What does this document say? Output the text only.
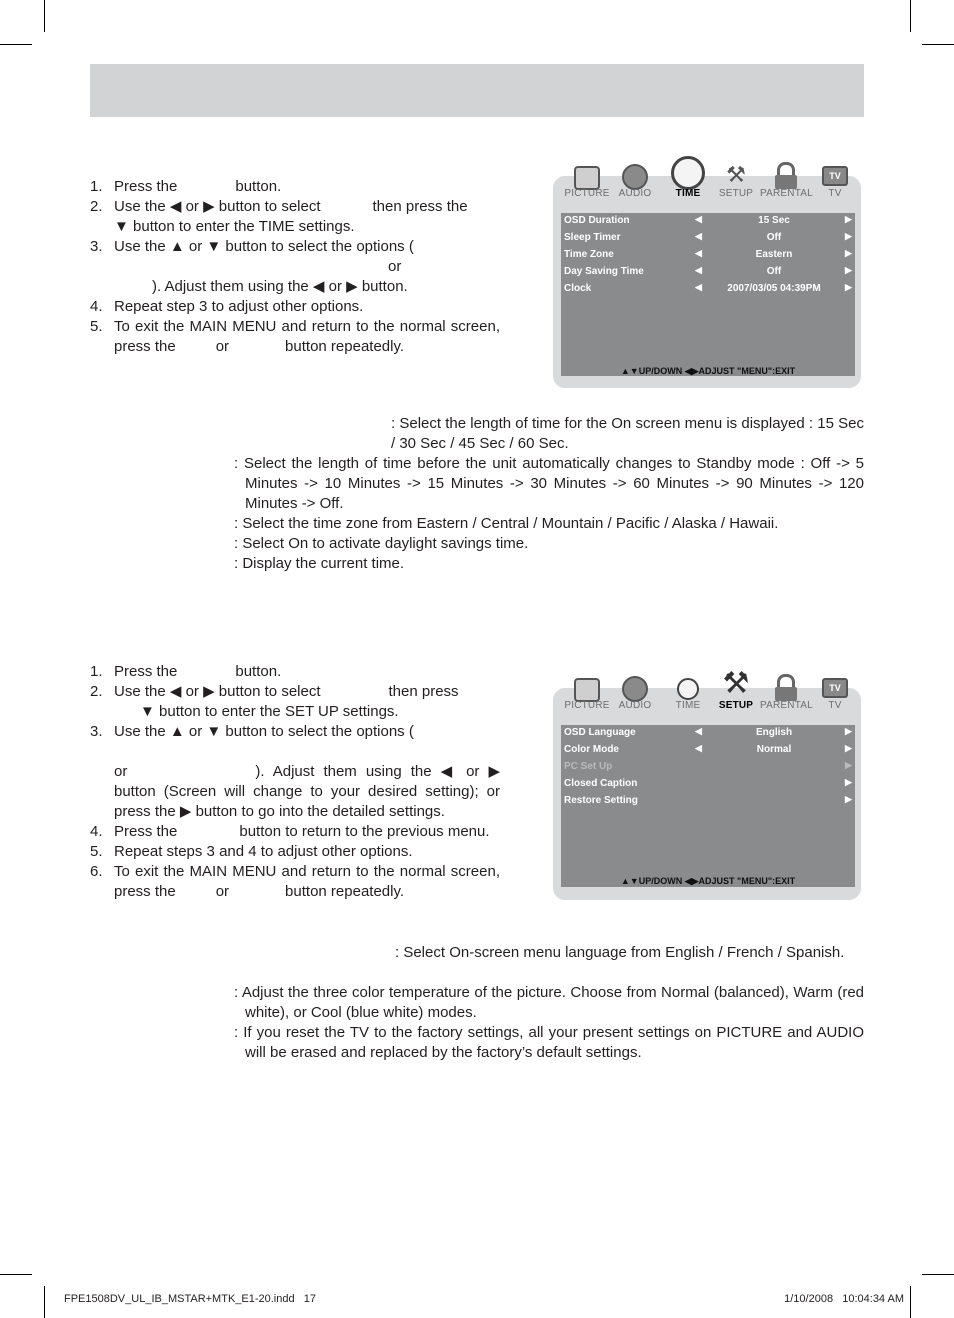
1. Press the	button.
2. Use the ◀ or ▶ button to select	then press the
▼ button to enter the TIME settings.
3. Use the ▲ or ▼ button to select the options (
or
). Adjust them using the ◀ or ▶ button.
4. Repeat step 3 to adjust other options.
5. To exit the MAIN MENU and return to the normal screen, press the	or	button repeatedly.
PICTURE AUDIO	TIME
⚒
SETUP PARENTAL
TV
TV
OSD Duration	◀	15 Sec	▶
Sleep Timer	◀	Off	▶
Time Zone	◀	Eastern	▶
Day Saving Time	◀	Off	▶
Clock	◀	2007/03/05 04:39PM	▶
▲▼UP/DOWN ◀▶ADJUST "MENU":EXIT
: Select the length of time for the On screen menu is displayed : 15 Sec / 30 Sec / 45 Sec / 60 Sec.
: Select the length of time before the unit automatically changes to Standby mode : Off -> 5 Minutes -> 10 Minutes -> 15 Minutes -> 30 Minutes -> 60 Minutes -> 90 Minutes -> 120 Minutes -> Off.
: Select the time zone from Eastern / Central / Mountain / Pacific / Alaska / Hawaii.
: Select On to activate daylight savings time.
: Display the current time.
1. Press the	button.
2. Use the ◀ or ▶ button to select	then press
▼ button to enter the SET UP settings.
3. Use the ▲ or ▼ button to select the options (

or	). Adjust them using the ◀ or ▶ button (Screen will change to your desired setting); or press the ▶ button to go into the detailed settings.
4. Press the	button to return to the previous menu.
5. Repeat steps 3 and 4 to adjust other options.
6. To exit the MAIN MENU and return to the normal screen, press the	or	button repeatedly.
PICTURE AUDIO	TIME
⚒
SETUP PARENTAL
TV
TV
OSD Language	◀	English	▶
Color Mode	◀	Normal	▶
PC Set Up	▶
Closed Caption	▶
Restore Setting	▶
▲▼UP/DOWN ◀▶ADJUST "MENU":EXIT
: Select On-screen menu language from English / French / Spanish.
: Adjust the three color temperature of the picture. Choose from Normal (balanced), Warm (red white), or Cool (blue white) modes.
: If you reset the TV to the factory settings, all your present settings on PICTURE and AUDIO will be erased and replaced by the factory’s default settings.
FPE1508DV_UL_IB_MSTAR+MTK_E1-20.indd   17	1/10/2008   10:04:34 AM
